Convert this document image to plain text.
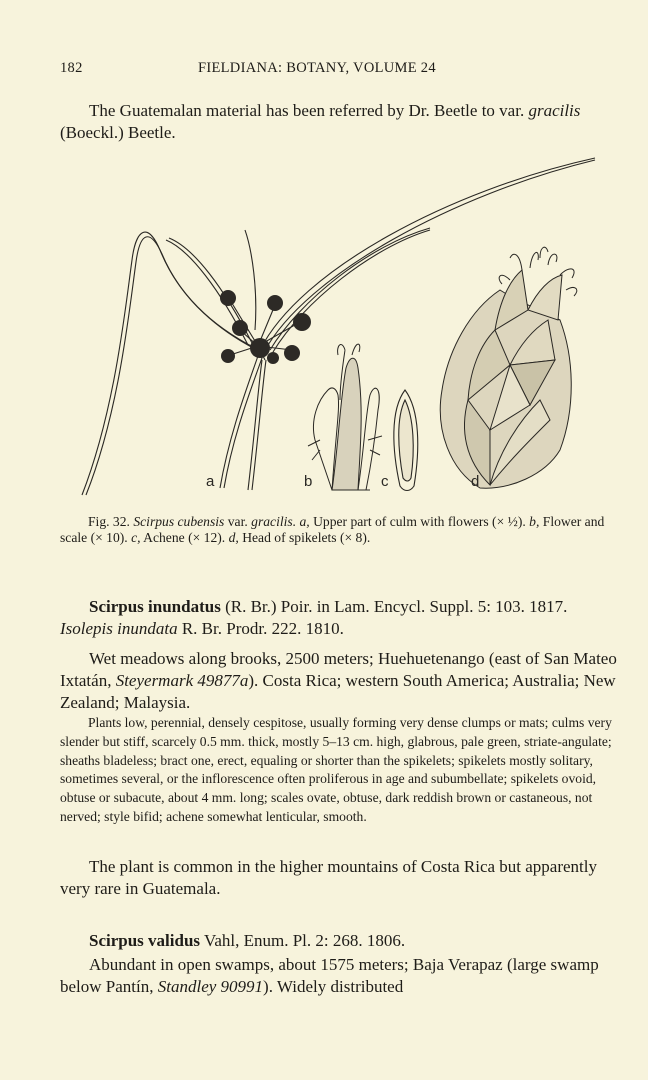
182	FIELDIANA: BOTANY, VOLUME 24

The Guatemalan material has been referred by Dr. Beetle to var. gracilis (Boeckl.) Beetle.

a	b	c	d

Fig. 32. Scirpus cubensis var. gracilis. a, Upper part of culm with flowers (× ½). b, Flower and scale (× 10). c, Achene (× 12). d, Head of spikelets (× 8).

Scirpus inundatus (R. Br.) Poir. in Lam. Encycl. Suppl. 5: 103. 1817. Isolepis inundata R. Br. Prodr. 222. 1810.

Wet meadows along brooks, 2500 meters; Huehuetenango (east of San Mateo Ixtatán, Steyermark 49877a). Costa Rica; western South America; Australia; New Zealand; Malaysia.

Plants low, perennial, densely cespitose, usually forming very dense clumps or mats; culms very slender but stiff, scarcely 0.5 mm. thick, mostly 5–13 cm. high, glabrous, pale green, striate-angulate; sheaths bladeless; bract one, erect, equaling or shorter than the spikelets; spikelets mostly solitary, sometimes several, or the inflorescence often proliferous in age and subumbellate; spikelets ovoid, obtuse or subacute, about 4 mm. long; scales ovate, obtuse, dark reddish brown or castaneous, not nerved; style bifid; achene somewhat lenticular, smooth.

The plant is common in the higher mountains of Costa Rica but apparently very rare in Guatemala.

Scirpus validus Vahl, Enum. Pl. 2: 268. 1806.

Abundant in open swamps, about 1575 meters; Baja Verapaz (large swamp below Pantín, Standley 90991). Widely distributed
